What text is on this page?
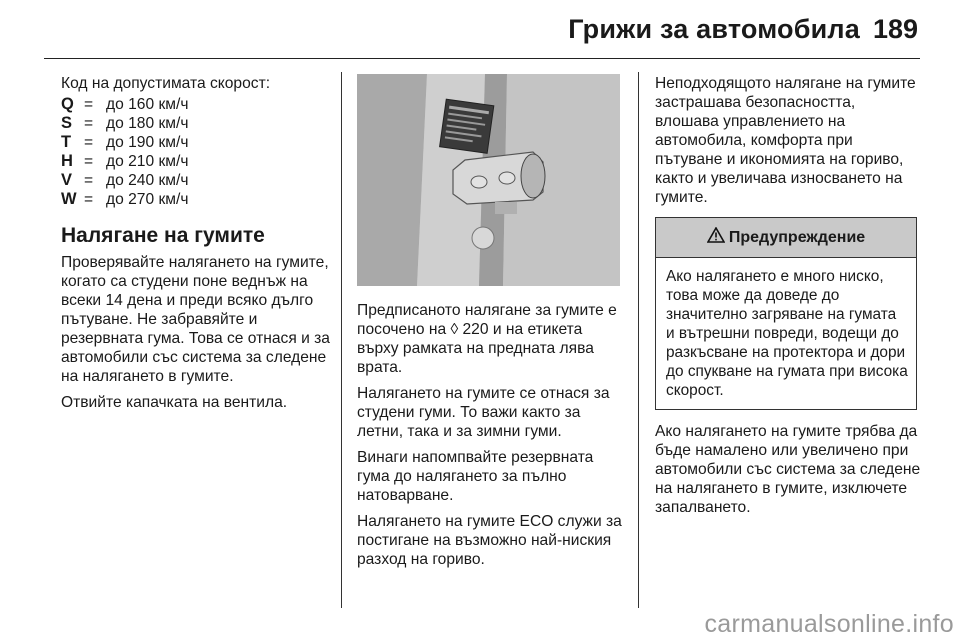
Грижи за автомобила 189
Код на допустимата скорост:
Q = до 160 км/ч
S = до 180 км/ч
T = до 190 км/ч
H = до 210 км/ч
V = до 240 км/ч
W = до 270 км/ч
Налягане на гумите
Проверявайте налягането на гумите, когато са студени поне веднъж на всеки 14 дена и преди всяко дълго пътуване. Не забравяйте и резервната гума. Това се отнася и за автомобили със система за следене на налягането в гумите.
Отвийте капачката на вентила.
Предписаното налягане за гумите е посочено на ◊ 220 и на етикета върху рамката на предната лява врата.
Налягането на гумите се отнася за студени гуми. То важи както за летни, така и за зимни гуми.
Винаги напомпвайте резервната гума до налягането за пълно натоварване.
Налягането на гумите ECO служи за постигане на възможно най-ниския разход на гориво.
Неподходящото налягане на гумите застрашава безопасността, влошава управлението на автомобила, комфорта при пътуване и икономията на гориво, както и увеличава износването на гумите.
Предупреждение
Ако налягането е много ниско, това може да доведе до значително загряване на гумата и вътрешни повреди, водещи до разкъсване на протектора и дори до спукване на гумата при висока скорост.
Ако налягането на гумите трябва да бъде намалено или увеличено при автомобили със система за следене на налягането в гумите, изключете запалването.
carmanualsonline.info
